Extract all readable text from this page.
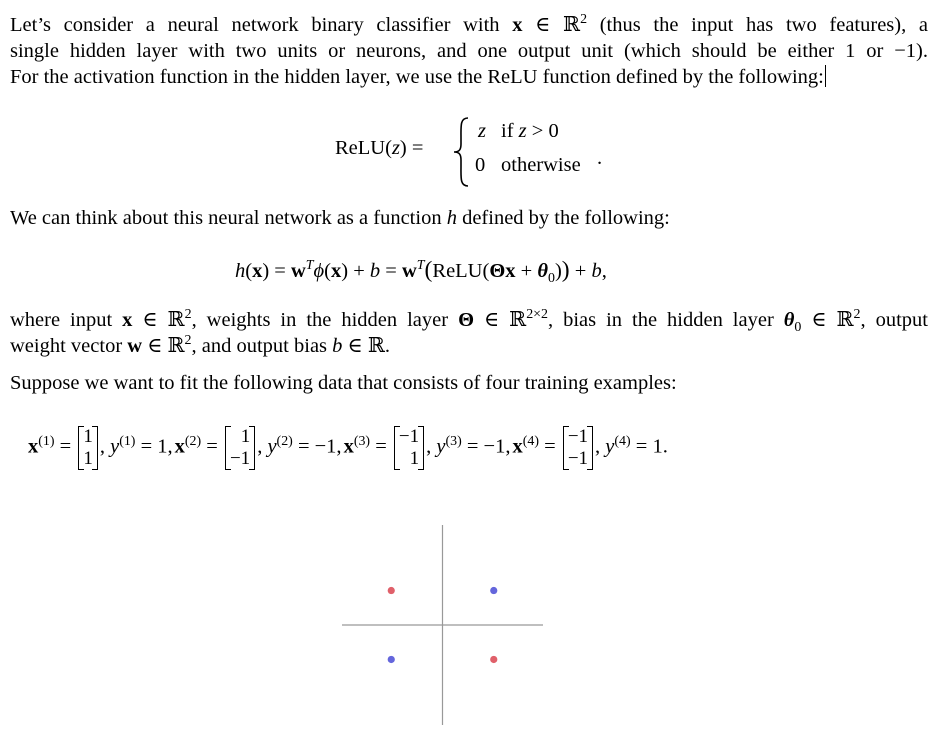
Let’s consider a neural network binary classifier with x ∈ ℝ$^2$ (thus the input has two features), a
single hidden layer with two units or neurons, and one output unit (which should be either 1 or −1).
For the activation function in the hidden layer, we use the ReLU function defined by the following:
ReLU(z) =
z if z > 0
0 otherwise .
We can think about this neural network as a function h defined by the following:
$h(x) = w^T\phi(x) + b$ = $w^T(ReLU(\Theta x + \theta_0)) + b$,
where input x ∈ ℝ$^2$, weights in the hidden layer Θ ∈ ℝ$^{2\times 2}$, bias in the hidden layer $\theta_0$ ∈ ℝ$^2$, output
weight vector w ∈ ℝ$^2$, and output bias b ∈ ℝ.
Suppose we want to fit the following data that consists of four training examples:
$x^{(1)} = 1$
1
, $y^{(1)} = 1$, $x^{(2)} = 1$
−1
, $y^{(2)} = -1$, $x^{(3)} = -1$
1
, $y^{(3)} = -1$, $x^{(4)} = -1$
−1
, $y^{(4)} = 1$.
